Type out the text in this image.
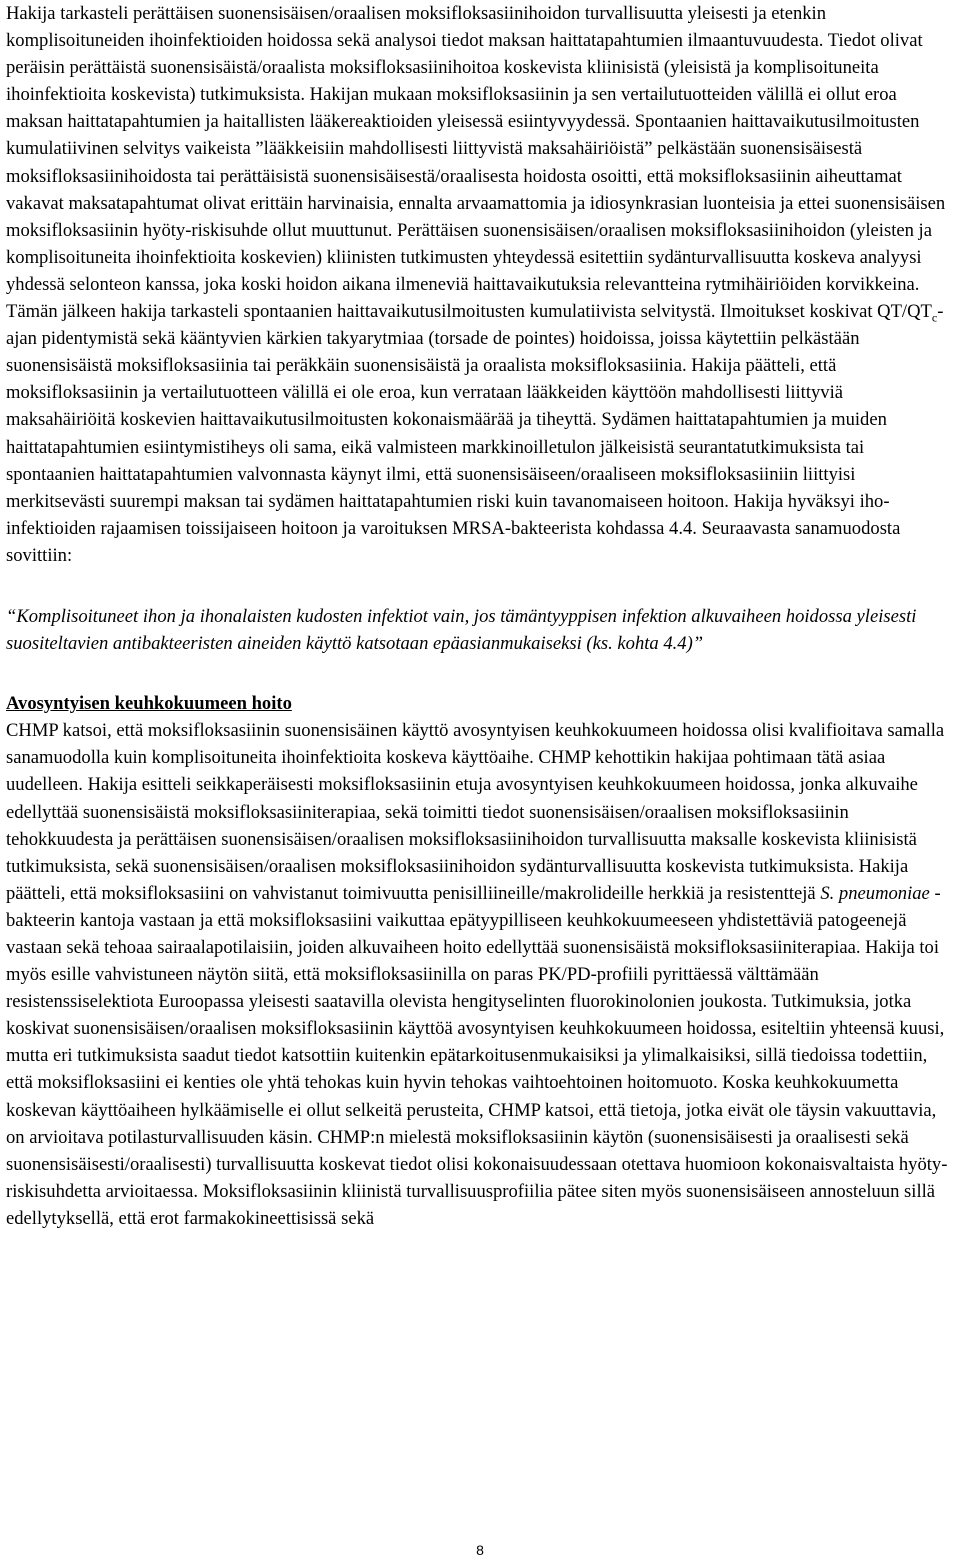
Hakija tarkasteli perättäisen suonensisäisen/oraalisen moksifloksasiinihoidon turvallisuutta yleisesti ja etenkin komplisoituneiden ihoinfektioiden hoidossa sekä analysoi tiedot maksan haittatapahtumien ilmaantuvuudesta. Tiedot olivat peräisin perättäistä suonensisäistä/oraalista moksifloksasiinihoitoa koskevista kliinisistä (yleisistä ja komplisoituneita ihoinfektioita koskevista) tutkimuksista. Hakijan mukaan moksifloksasiinin ja sen vertailutuotteiden välillä ei ollut eroa maksan haittatapahtumien ja haitallisten lääkereaktioiden yleisessä esiintyvyydessä. Spontaanien haittavaikutusilmoitusten kumulatiivinen selvitys vaikeista ”lääkkeisiin mahdollisesti liittyvistä maksahäiriöistä” pelkästään suonensisäisestä moksifloksasiinihoidosta tai perättäisistä suonensisäisestä/oraalisesta hoidosta osoitti, että moksifloksasiinin aiheuttamat vakavat maksatapahtumat olivat erittäin harvinaisia, ennalta arvaamattomia ja idiosynkrasian luonteisia ja ettei suonensisäisen moksifloksasiinin hyöty-riskisuhde ollut muuttunut. Perättäisen suonensisäisen/oraalisen moksifloksasiinihoidon (yleisten ja komplisoituneita ihoinfektioita koskevien) kliinisten tutkimusten yhteydessä esitettiin sydänturvallisuutta koskeva analyysi yhdessä selonteon kanssa, joka koski hoidon aikana ilmeneviä haittavaikutuksia relevantteina rytmihäiriöiden korvikkeina. Tämän jälkeen hakija tarkasteli spontaanien haittavaikutusilmoitusten kumulatiivista selvitystä. Ilmoitukset koskivat $QT/QT_c$-ajan pidentymistä sekä kääntyvien kärkien takyarytmiaa (torsade de pointes) hoidoissa, joissa käytettiin pelkästään suonensisäistä moksifloksasiinia tai peräkkäin suonensisäistä ja oraalista moksifloksasiinia. Hakija päätteli, että moksifloksasiinin ja vertailutuotteen välillä ei ole eroa, kun verrataan lääkkeiden käyttöön mahdollisesti liittyviä maksahäiriöitä koskevien haittavaikutusilmoitusten kokonaismäärää ja tiheyttä. Sydämen haittatapahtumien ja muiden haittatapahtumien esiintymistiheys oli sama, eikä valmisteen markkinoilletulon jälkeisistä seurantatutkimuksista tai spontaanien haittatapahtumien valvonnasta käynyt ilmi, että suonensisäiseen/oraaliseen moksifloksasiiniin liittyisi merkitsevästi suurempi maksan tai sydämen haittatapahtumien riski kuin tavanomaiseen hoitoon. Hakija hyväksyi iho-infektioiden rajaamisen toissijaiseen hoitoon ja varoituksen MRSA-bakteerista kohdassa 4.4. Seuraavasta sanamuodosta sovittiin:

“Komplisoituneet ihon ja ihonalaisten kudosten infektiot vain, jos tämäntyyppisen infektion alkuvaiheen hoidossa yleisesti suositeltavien antibakteeristen aineiden käyttö katsotaan epäasianmukaiseksi (ks. kohta 4.4)”

Avosyntyisen keuhkokuumeen hoito

CHMP katsoi, että moksifloksasiinin suonensisäinen käyttö avosyntyisen keuhkokuumeen hoidossa olisi kvalifioitava samalla sanamuodolla kuin komplisoituneita ihoinfektioita koskeva käyttöaihe. CHMP kehottikin hakijaa pohtimaan tätä asiaa uudelleen. Hakija esitteli seikkaperäisesti moksifloksasiinin etuja avosyntyisen keuhkokuumeen hoidossa, jonka alkuvaihe edellyttää suonensisäistä moksifloksasiiniterapiaa, sekä toimitti tiedot suonensisäisen/oraalisen moksifloksasiinin tehokkuudesta ja perättäisen suonensisäisen/oraalisen moksifloksasiinihoidon turvallisuutta maksalle koskevista kliinisistä tutkimuksista, sekä suonensisäisen/oraalisen moksifloksasiinihoidon sydänturvallisuutta koskevista tutkimuksista. Hakija päätteli, että moksifloksasiini on vahvistanut toimivuutta penisilliineille/makrolideille herkkiä ja resistenttejä S. pneumoniae -bakteerin kantoja vastaan ja että moksifloksasiini vaikuttaa epätyypilliseen keuhkokuumeeseen yhdistettäviä patogeenejä vastaan sekä tehoaa sairaalapotilaisiin, joiden alkuvaiheen hoito edellyttää suonensisäistä moksifloksasiiniterapiaa. Hakija toi myös esille vahvistuneen näytön siitä, että moksifloksasiinilla on paras PK/PD-profiili pyrittäessä välttämään resistenssiselektiota Euroopassa yleisesti saatavilla olevista hengityselinten fluorokinolonien joukosta. Tutkimuksia, jotka koskivat suonensisäisen/oraalisen moksifloksasiinin käyttöä avosyntyisen keuhkokuumeen hoidossa, esiteltiin yhteensä kuusi, mutta eri tutkimuksista saadut tiedot katsottiin kuitenkin epätarkoitusenmukaisiksi ja ylimalkaisiksi, sillä tiedoissa todettiin, että moksifloksasiini ei kenties ole yhtä tehokas kuin hyvin tehokas vaihtoehtoinen hoitomuoto. Koska keuhkokuumetta koskevan käyttöaiheen hylkäämiselle ei ollut selkeitä perusteita, CHMP katsoi, että tietoja, jotka eivät ole täysin vakuuttavia, on arvioitava potilasturvallisuuden käsin. CHMP:n mielestä moksifloksasiinin käytön (suonensisäisesti ja oraalisesti sekä suonensisäisesti/oraalisesti) turvallisuutta koskevat tiedot olisi kokonaisuudessaan otettava huomioon kokonaisvaltaista hyöty-riskisuhdetta arvioitaessa. Moksifloksasiinin kliinistä turvallisuusprofiilia pätee siten myös suonensisäiseen annosteluun sillä edellytyksellä, että erot farmakokineettisissä sekä

8
